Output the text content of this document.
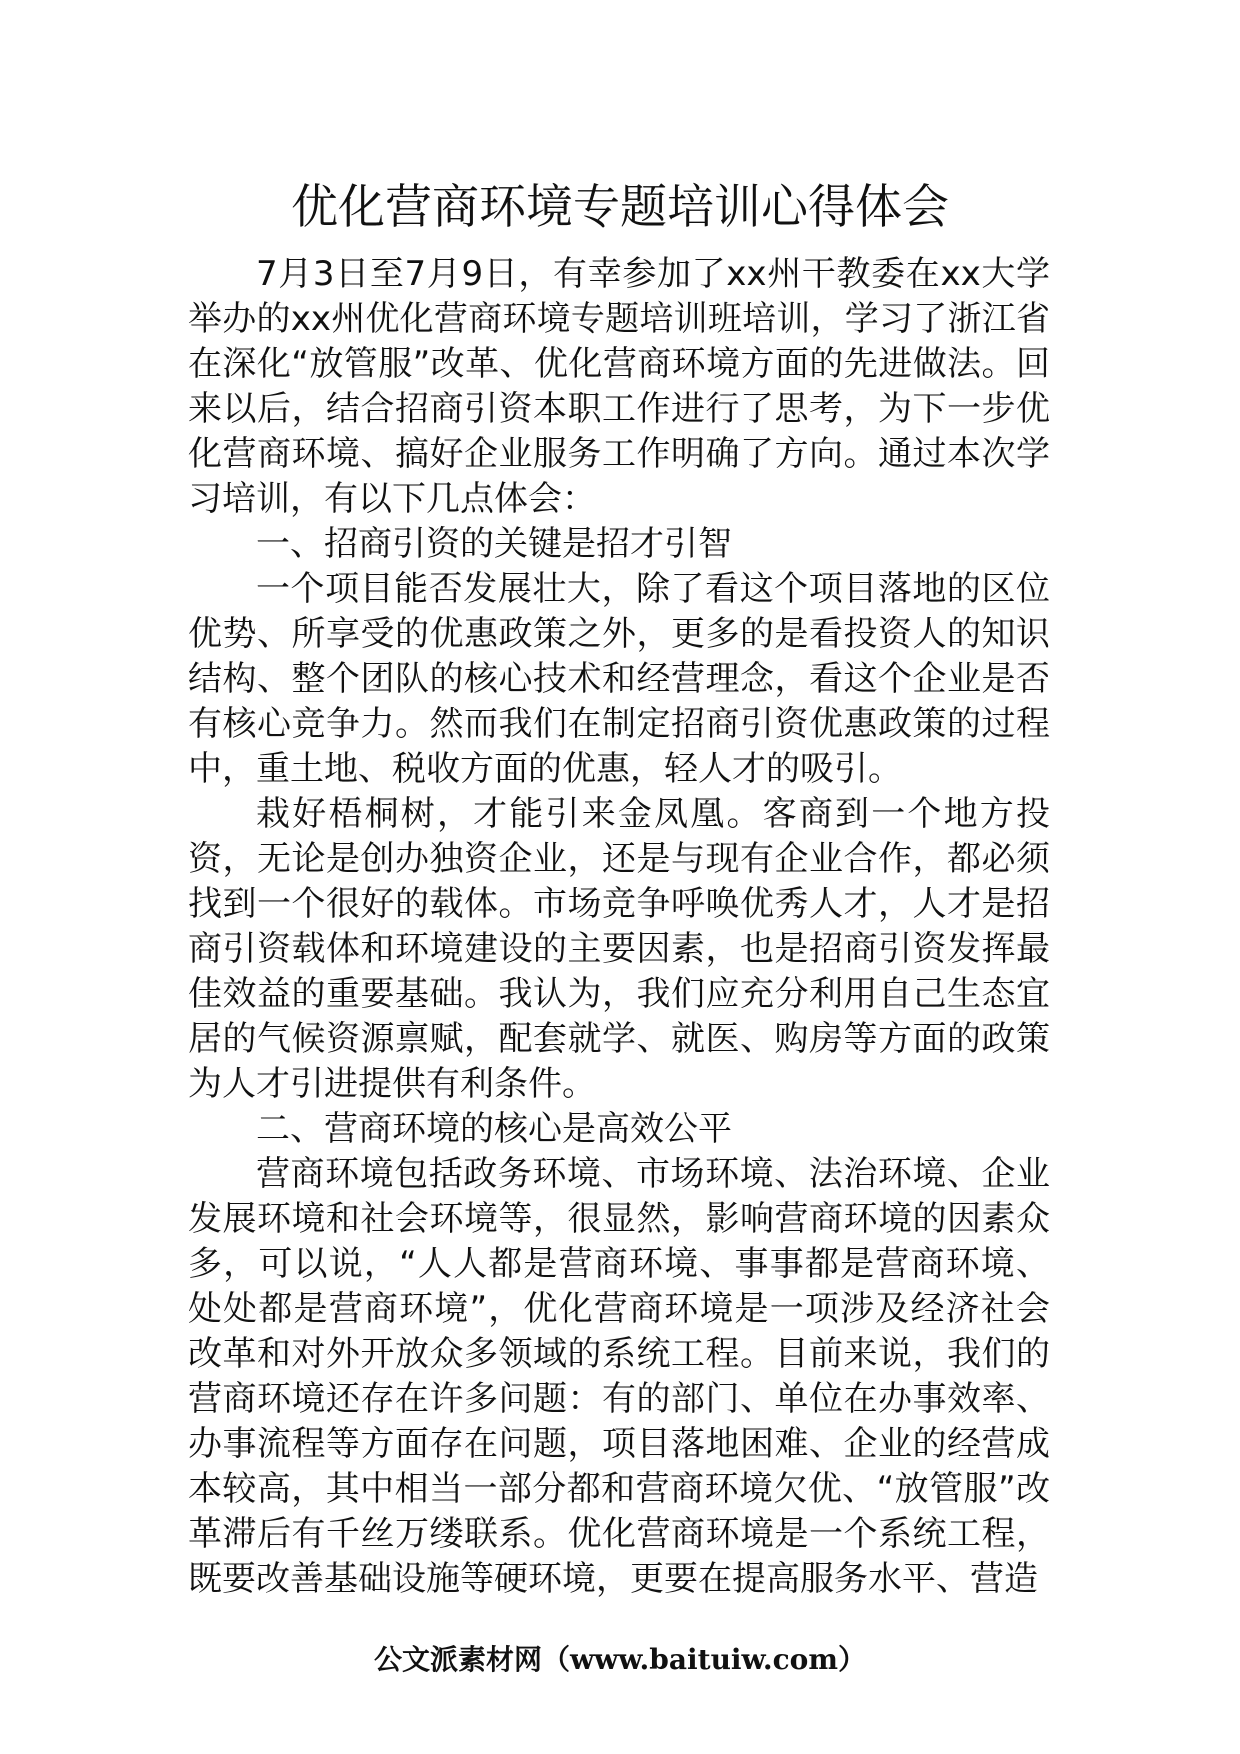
优化营商环境专题培训心得体会

7月3日至7月9日，有幸参加了xx州干教委在xx大学举办的xx州优化营商环境专题培训班培训，学习了浙江省在深化“放管服”改革、优化营商环境方面的先进做法。回来以后，结合招商引资本职工作进行了思考，为下一步优化营商环境、搞好企业服务工作明确了方向。通过本次学习培训，有以下几点体会：

一、招商引资的关键是招才引智

一个项目能否发展壮大，除了看这个项目落地的区位优势、所享受的优惠政策之外，更多的是看投资人的知识结构、整个团队的核心技术和经营理念，看这个企业是否有核心竞争力。然而我们在制定招商引资优惠政策的过程中，重土地、税收方面的优惠，轻人才的吸引。

栽好梧桐树，才能引来金凤凰。客商到一个地方投资，无论是创办独资企业，还是与现有企业合作，都必须找到一个很好的载体。市场竞争呼唤优秀人才，人才是招商引资载体和环境建设的主要因素，也是招商引资发挥最佳效益的重要基础。我认为，我们应充分利用自己生态宜居的气候资源禀赋，配套就学、就医、购房等方面的政策为人才引进提供有利条件。

二、营商环境的核心是高效公平

营商环境包括政务环境、市场环境、法治环境、企业发展环境和社会环境等，很显然，影响营商环境的因素众多，可以说，“人人都是营商环境、事事都是营商环境、处处都是营商环境”，优化营商环境是一项涉及经济社会改革和对外开放众多领域的系统工程。目前来说，我们的营商环境还存在许多问题：有的部门、单位在办事效率、办事流程等方面存在问题，项目落地困难、企业的经营成本较高，其中相当一部分都和营商环境欠优、“放管服”改革滞后有千丝万缕联系。优化营商环境是一个系统工程，既要改善基础设施等硬环境，更要在提高服务水平、营造

公文派素材网（www.baituiw.com）
